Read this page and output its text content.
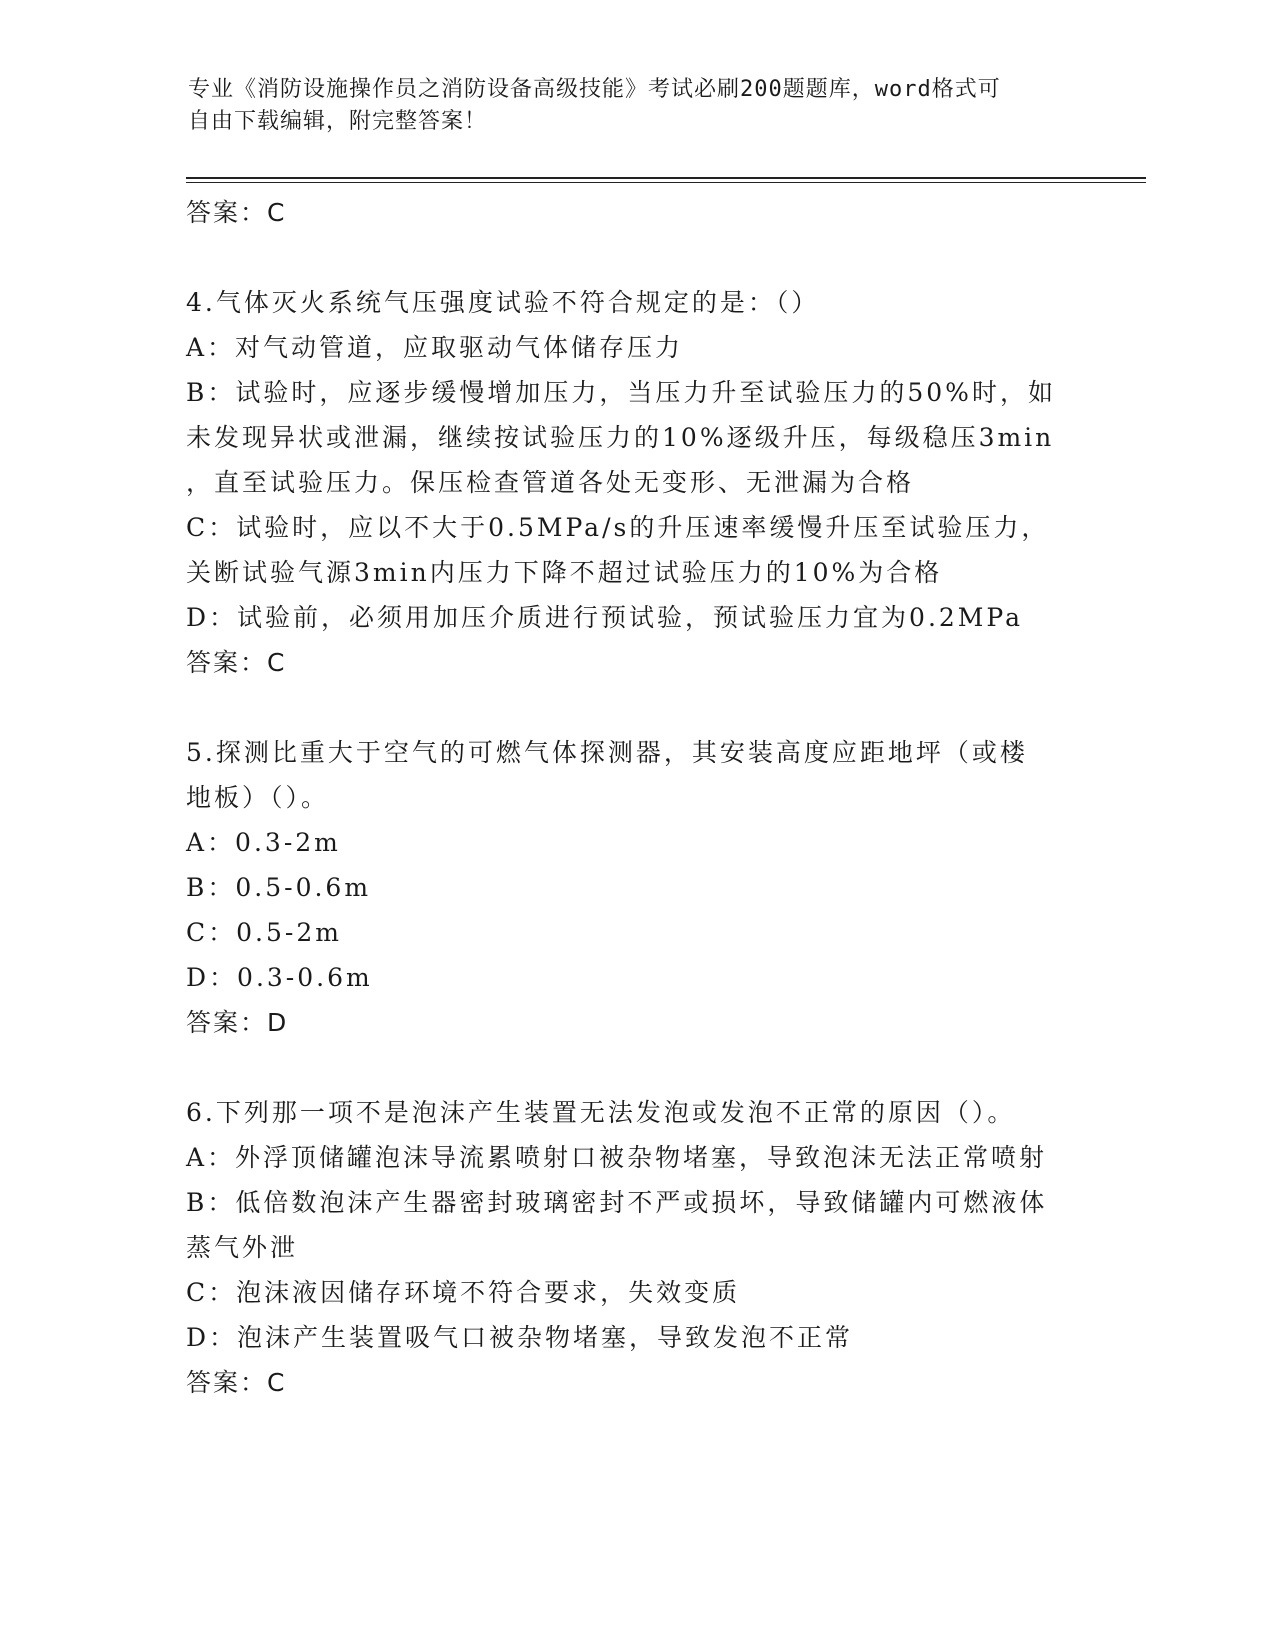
专业《消防设施操作员之消防设备高级技能》考试必刷200题题库，word格式可
自由下载编辑，附完整答案！
答案：C
4.气体灭火系统气压强度试验不符合规定的是：（）
A：对气动管道，应取驱动气体储存压力
B：试验时，应逐步缓慢增加压力，当压力升至试验压力的50%时，如
未发现异状或泄漏，继续按试验压力的10%逐级升压，每级稳压3min
，直至试验压力。保压检查管道各处无变形、无泄漏为合格
C：试验时，应以不大于0.5MPa/s的升压速率缓慢升压至试验压力，
关断试验气源3min内压力下降不超过试验压力的10%为合格
D：试验前，必须用加压介质进行预试验，预试验压力宜为0.2MPa
答案：C
5.探测比重大于空气的可燃气体探测器，其安装高度应距地坪（或楼
地板）（）。
A：0.3-2m
B：0.5-0.6m
C：0.5-2m
D：0.3-0.6m
答案：D
6.下列那一项不是泡沫产生装置无法发泡或发泡不正常的原因（）。
A：外浮顶储罐泡沫导流累喷射口被杂物堵塞，导致泡沫无法正常喷射
B：低倍数泡沫产生器密封玻璃密封不严或损坏，导致储罐内可燃液体
蒸气外泄
C：泡沫液因储存环境不符合要求，失效变质
D：泡沫产生装置吸气口被杂物堵塞，导致发泡不正常
答案：C
